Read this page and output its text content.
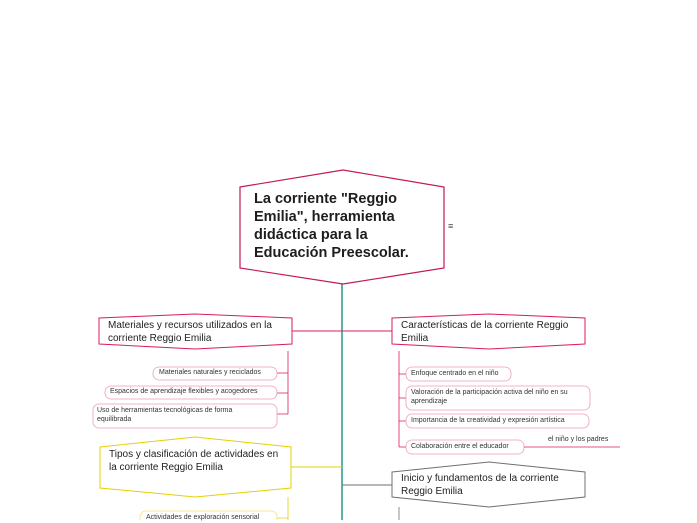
La corriente "Reggio Emilia", herramienta didáctica para la Educación Preescolar.
≡
Materiales y recursos utilizados en la corriente Reggio Emilia
Materiales naturales y reciclados
Espacios de aprendizaje flexibles y acogedores
Uso de herramientas tecnológicas de forma equilibrada
Características de la corriente Reggio Emilia
Enfoque centrado en el niño
Valoración de la participación activa del niño en su aprendizaje
Importancia de la creatividad y expresión artística
Colaboración entre el educador
el niño y los padres
Tipos y clasificación de actividades en la corriente Reggio Emilia
Actividades de exploración sensorial
Inicio y fundamentos de la corriente Reggio Emilia
